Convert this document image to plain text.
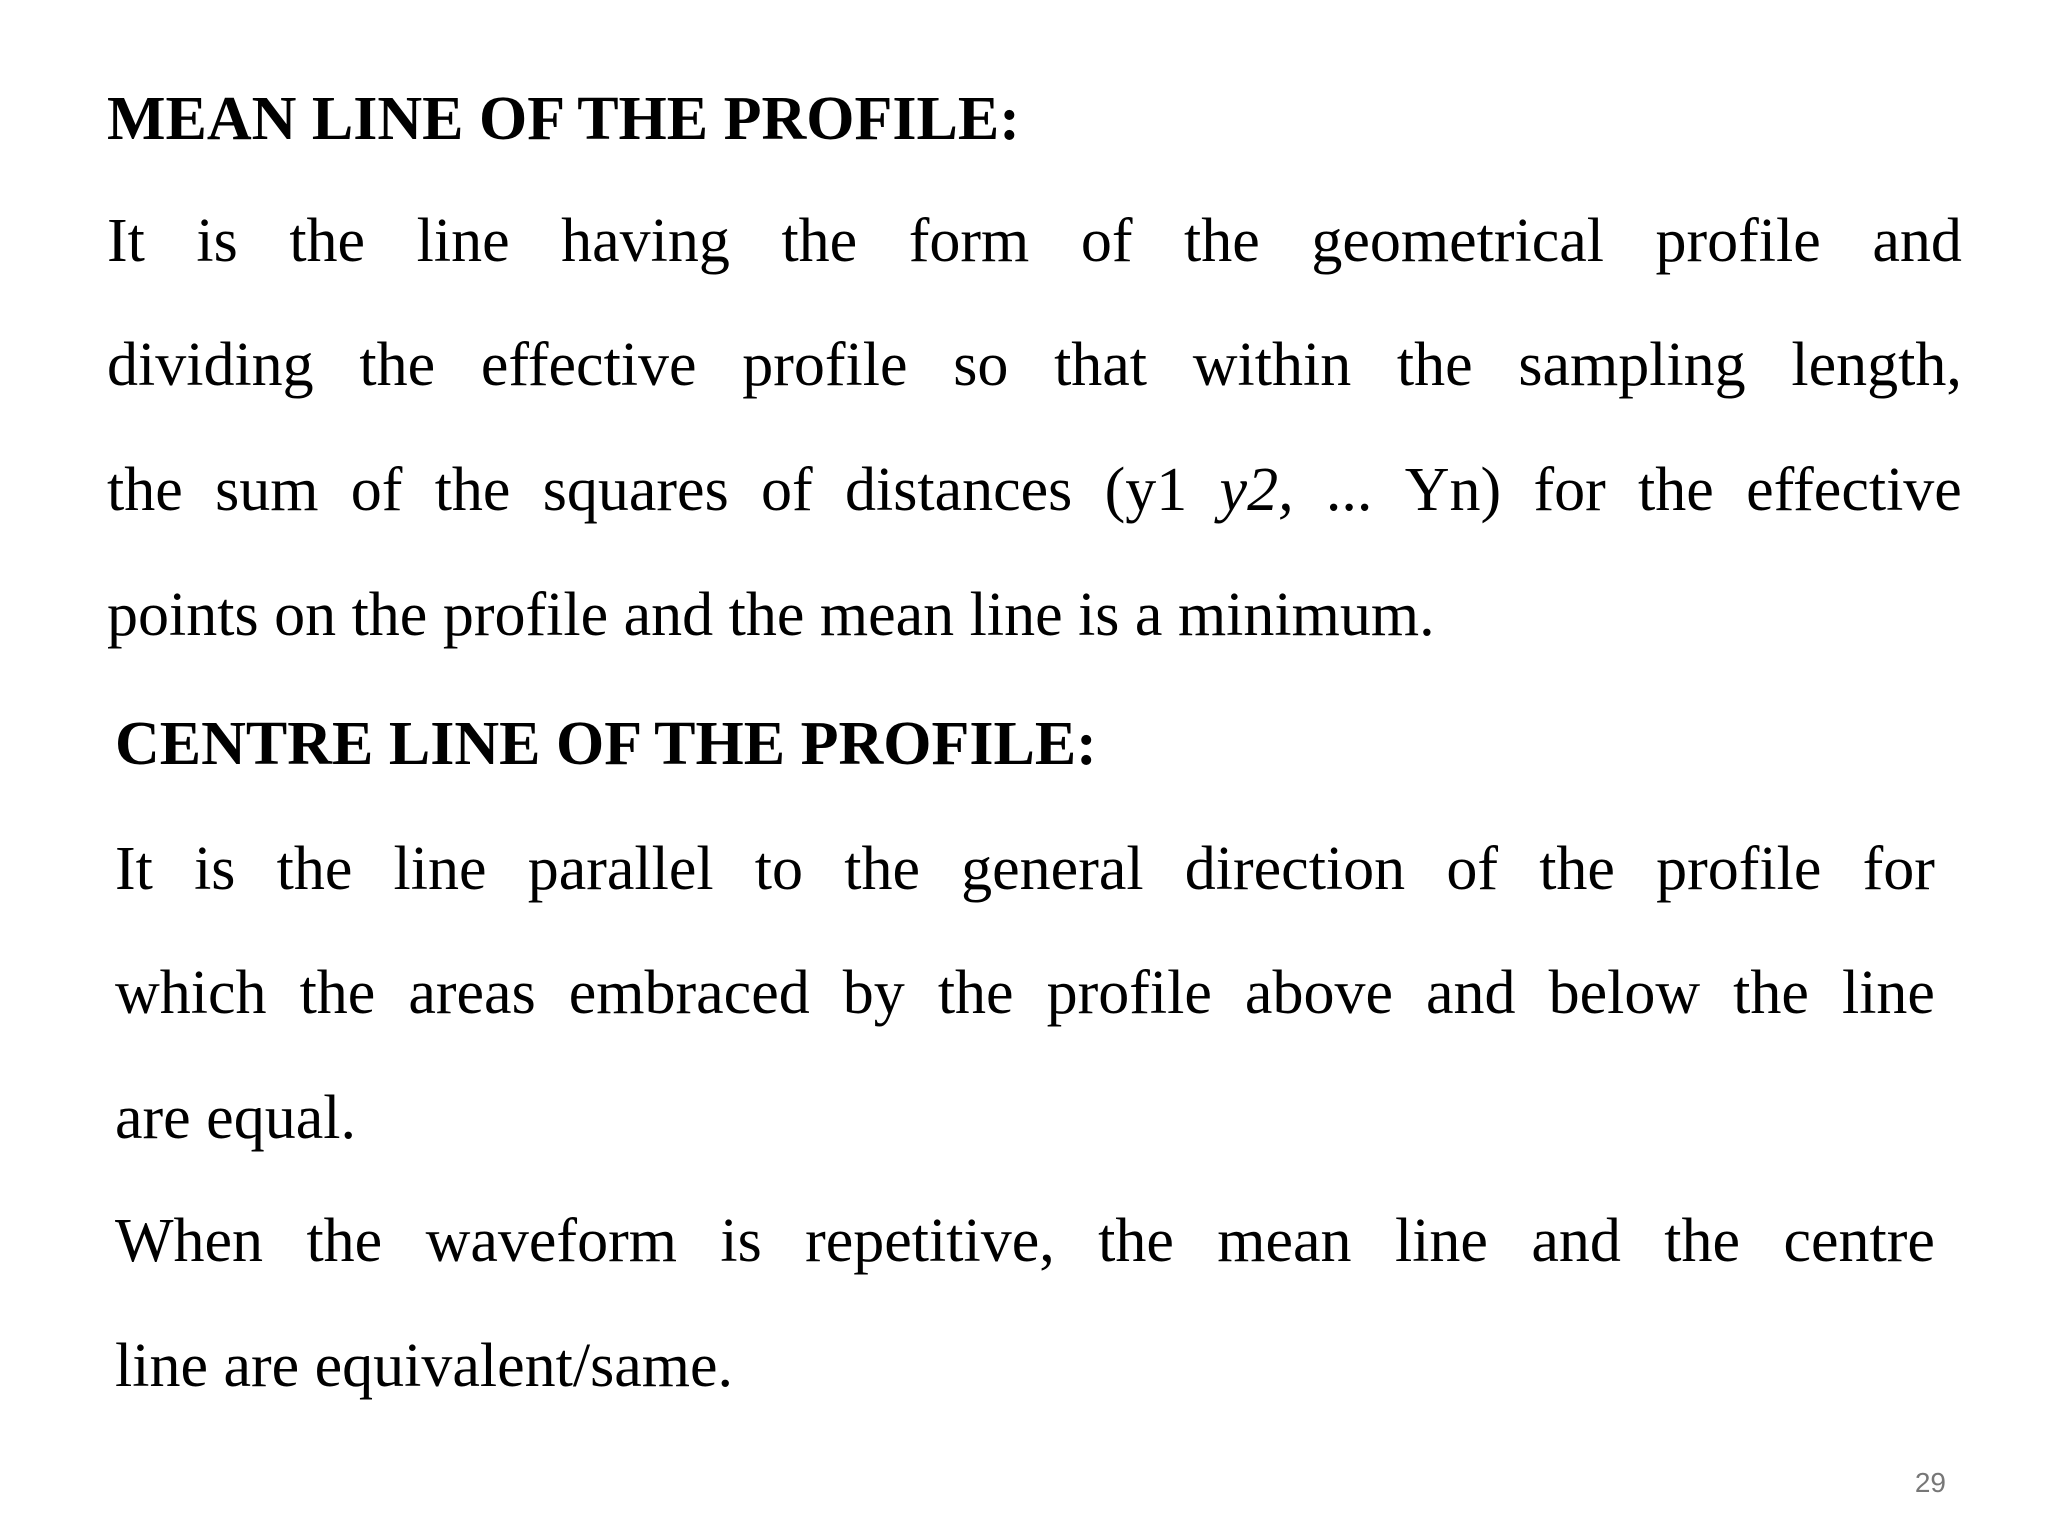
MEAN LINE OF THE PROFILE:
It is the line having the form of the geometrical profile and
dividing the effective profile so that within the sampling length,
the sum of the squares of distances (y1 y2, ... Yn) for the effective
points on the profile and the mean line is a minimum.
CENTRE LINE OF THE PROFILE:
It is the line parallel to the general direction of the profile for
which the areas embraced by the profile above and below the line
are equal.
When the waveform is repetitive, the mean line and the centre
line are equivalent/same.
29
